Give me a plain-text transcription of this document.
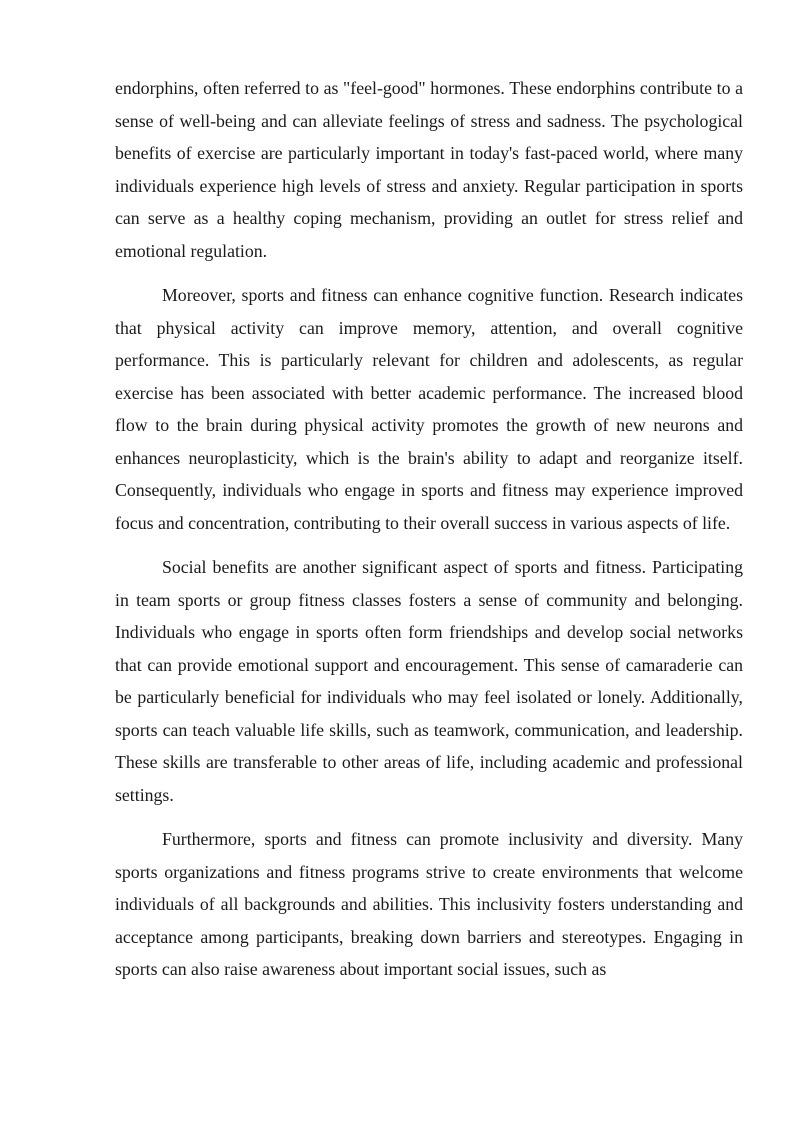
endorphins, often referred to as "feel-good" hormones. These endorphins contribute to a sense of well-being and can alleviate feelings of stress and sadness. The psychological benefits of exercise are particularly important in today's fast-paced world, where many individuals experience high levels of stress and anxiety. Regular participation in sports can serve as a healthy coping mechanism, providing an outlet for stress relief and emotional regulation.

Moreover, sports and fitness can enhance cognitive function. Research indicates that physical activity can improve memory, attention, and overall cognitive performance. This is particularly relevant for children and adolescents, as regular exercise has been associated with better academic performance. The increased blood flow to the brain during physical activity promotes the growth of new neurons and enhances neuroplasticity, which is the brain's ability to adapt and reorganize itself. Consequently, individuals who engage in sports and fitness may experience improved focus and concentration, contributing to their overall success in various aspects of life.

Social benefits are another significant aspect of sports and fitness. Participating in team sports or group fitness classes fosters a sense of community and belonging. Individuals who engage in sports often form friendships and develop social networks that can provide emotional support and encouragement. This sense of camaraderie can be particularly beneficial for individuals who may feel isolated or lonely. Additionally, sports can teach valuable life skills, such as teamwork, communication, and leadership. These skills are transferable to other areas of life, including academic and professional settings.

Furthermore, sports and fitness can promote inclusivity and diversity. Many sports organizations and fitness programs strive to create environments that welcome individuals of all backgrounds and abilities. This inclusivity fosters understanding and acceptance among participants, breaking down barriers and stereotypes. Engaging in sports can also raise awareness about important social issues, such as
